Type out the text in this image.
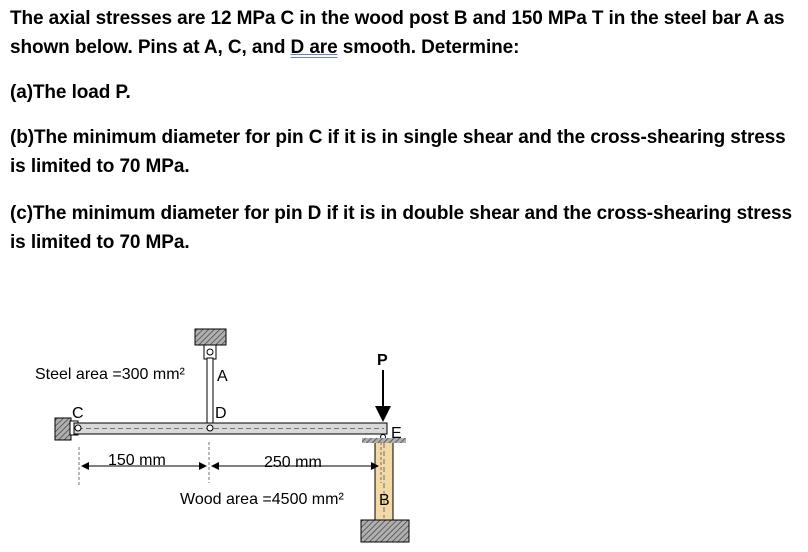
The axial stresses are 12 MPa C in the wood post B and 150 MPa T in the steel bar A as shown below. Pins at A, C, and D are smooth. Determine:
(a)The load P.
(b)The minimum diameter for pin C if it is in single shear and the cross-shearing stress is limited to 70 MPa.
(c)The minimum diameter for pin D if it is in double shear and the cross-shearing stress is limited to 70 MPa.
Steel area =300 mm² A
D
C
E
P
150 mm	250 mm
Wood area =4500 mm² B
